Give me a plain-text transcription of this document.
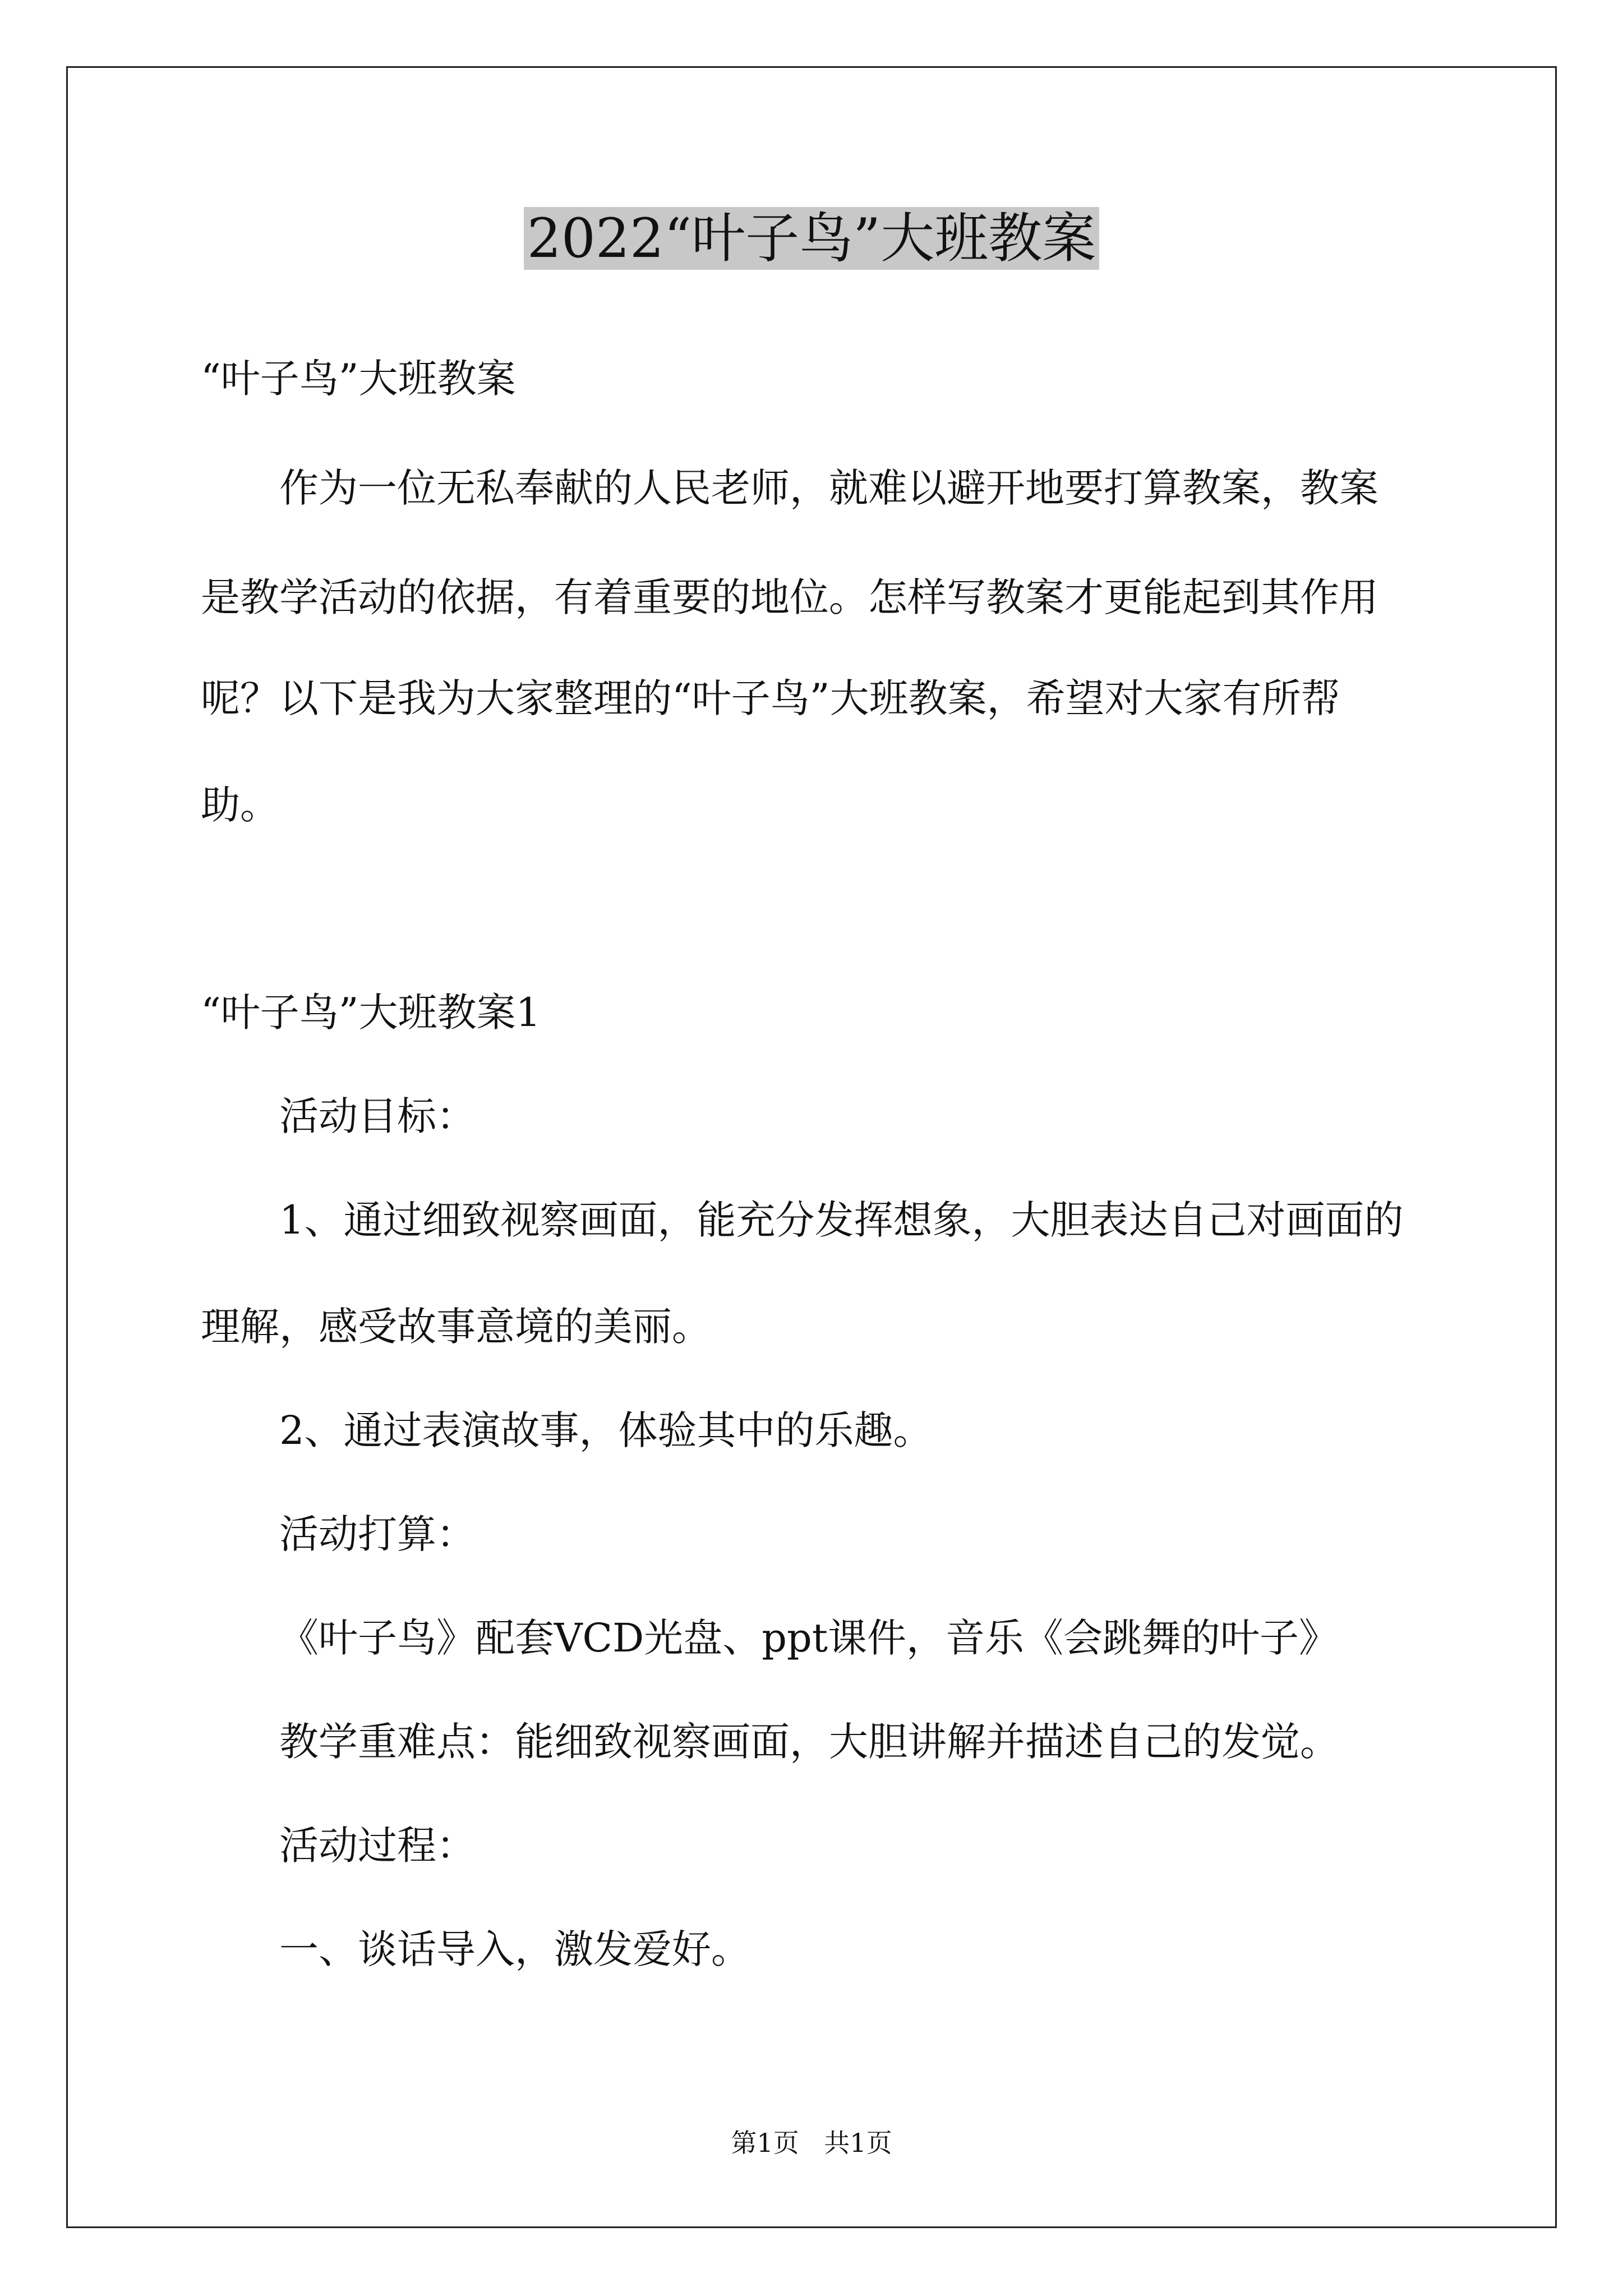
2022“叶子鸟”大班教案
“叶子鸟”大班教案
作为一位无私奉献的人民老师，就难以避开地要打算教案，教案
是教学活动的依据，有着重要的地位。怎样写教案才更能起到其作用
呢？以下是我为大家整理的“叶子鸟”大班教案，希望对大家有所帮
助。
“叶子鸟”大班教案1
活动目标：
1、通过细致视察画面，能充分发挥想象，大胆表达自己对画面的
理解，感受故事意境的美丽。
2、通过表演故事，体验其中的乐趣。
活动打算：
《叶子鸟》配套VCD光盘、ppt课件，音乐《会跳舞的叶子》
教学重难点：能细致视察画面，大胆讲解并描述自己的发觉。
活动过程：
一、谈话导入，激发爱好。
第1页 共1页
